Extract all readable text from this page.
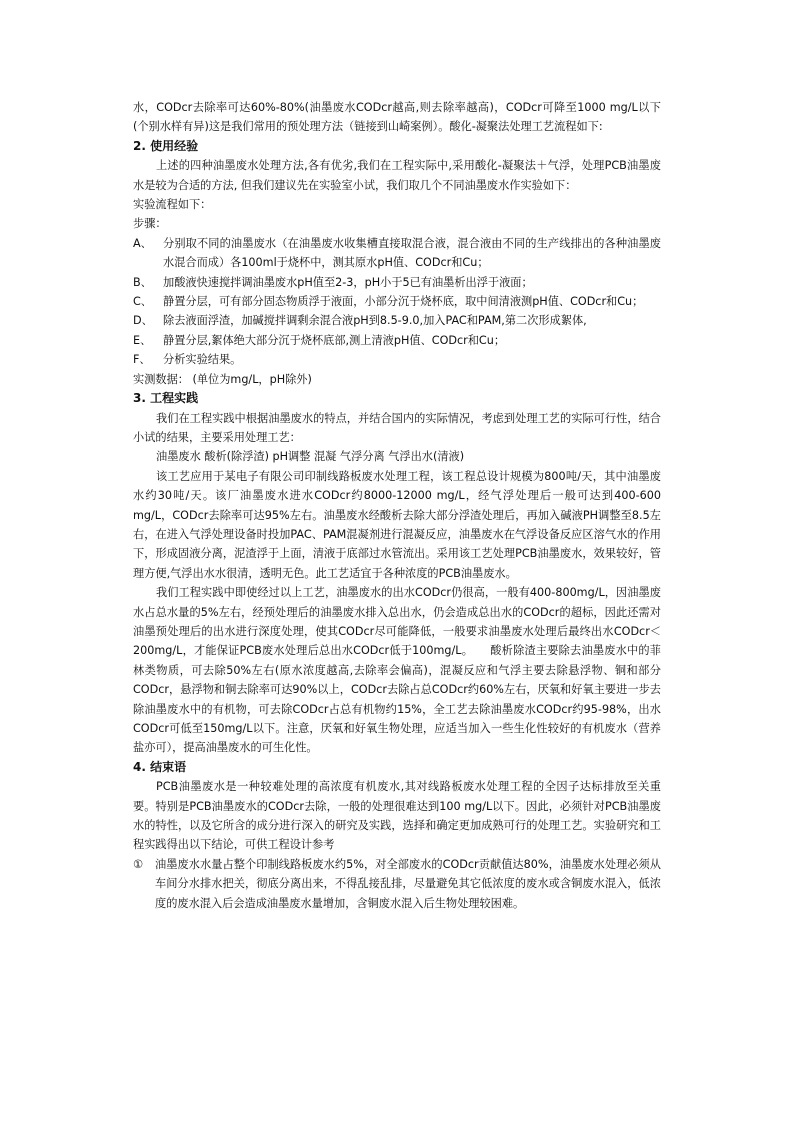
水，CODcr去除率可达60%-80%(油墨废水CODcr越高,则去除率越高)，CODcr可降至1000 mg/L以下(个别水样有异)这是我们常用的预处理方法（链接到山崎案例）。酸化-凝聚法处理工艺流程如下:

2. 使用经验

上述的四种油墨废水处理方法,各有优劣,我们在工程实际中,采用酸化-凝聚法＋气浮，处理PCB油墨废水是较为合适的方法, 但我们建议先在实验室小试，我们取几个不同油墨废水作实验如下：

实验流程如下：

步骤：

A、 分别取不同的油墨废水（在油墨废水收集槽直接取混合液，混合液由不同的生产线排出的各种油墨废水混合而成）各100ml于烧杯中，测其原水pH值、CODcr和Cu；
B、 加酸液快速搅拌调油墨废水pH值至2-3，pH小于5已有油墨析出浮于液面；
C、 静置分层，可有部分固态物质浮于液面，小部分沉于烧杯底，取中间清液测pH值、CODcr和Cu；
D、 除去液面浮渣，加碱搅拌调剩余混合液pH到8.5-9.0,加入PAC和PAM,第二次形成絮体,
E、	静置分层,絮体绝大部分沉于烧杯底部,测上清液pH值、CODcr和Cu；
F、	分析实验结果。

实测数据： (单位为mg/L，pH除外)

3. 工程实践

我们在工程实践中根据油墨废水的特点，并结合国内的实际情况，考虑到处理工艺的实际可行性，结合小试的结果，主要采用处理工艺：

油墨废水 酸析(除浮渣) pH调整 混凝 气浮分离 气浮出水(清液)

该工艺应用于某电子有限公司印制线路板废水处理工程，该工程总设计规模为800吨/天，其中油墨废水约30吨/天。该厂油墨废水进水CODcr约8000-12000 mg/L，经气浮处理后一般可达到400-600 mg/L，CODcr去除率可达95%左右。油墨废水经酸析去除大部分浮渣处理后，再加入碱液PH调整至8.5左右，在进入气浮处理设备时投加PAC、PAM混凝剂进行混凝反应，油墨废水在气浮设备反应区溶气水的作用下，形成固液分离，泥渣浮于上面，清液于底部过水管流出。采用该工艺处理PCB油墨废水，效果较好，管理方便,气浮出水水很清，透明无色。此工艺适宜于各种浓度的PCB油墨废水。

我们工程实践中即使经过以上工艺，油墨废水的出水CODcr仍很高，一般有400-800mg/L，因油墨废水占总水量的5%左右，经预处理后的油墨废水排入总出水，仍会造成总出水的CODcr的超标，因此还需对油墨预处理后的出水进行深度处理，使其CODcr尽可能降低，一般要求油墨废水处理后最终出水CODcr＜200mg/L，才能保证PCB废水处理后总出水CODcr低于100mg/L。　　酸析除渣主要除去油墨废水中的菲林类物质，可去除50%左右(原水浓度越高,去除率会偏高)，混凝反应和气浮主要去除悬浮物、铜和部分CODcr，悬浮物和铜去除率可达90%以上，CODcr去除占总CODcr约60%左右，厌氧和好氧主要进一步去除油墨废水中的有机物，可去除CODcr占总有机物约15%，全工艺去除油墨废水CODcr约95-98%，出水CODcr可低至150mg/L以下。注意，厌氧和好氧生物处理，应适当加入一些生化性较好的有机废水（营养盐亦可），提高油墨废水的可生化性。

4. 结束语

PCB油墨废水是一种较难处理的高浓度有机废水,其对线路板废水处理工程的全因子达标排放至关重要。特别是PCB油墨废水的CODcr去除，一般的处理很难达到100 mg/L以下。因此，必须针对PCB油墨废水的特性，以及它所含的成分进行深入的研究及实践，选择和确定更加成熟可行的处理工艺。实验研究和工程实践得出以下结论，可供工程设计参考

①	油墨废水水量占整个印制线路板废水约5%，对全部废水的CODcr贡献值达80%，油墨废水处理必须从车间分水排水把关，彻底分离出来，不得乱接乱排，尽量避免其它低浓度的废水或含铜废水混入，低浓度的废水混入后会造成油墨废水量增加，含铜废水混入后生物处理较困难。
